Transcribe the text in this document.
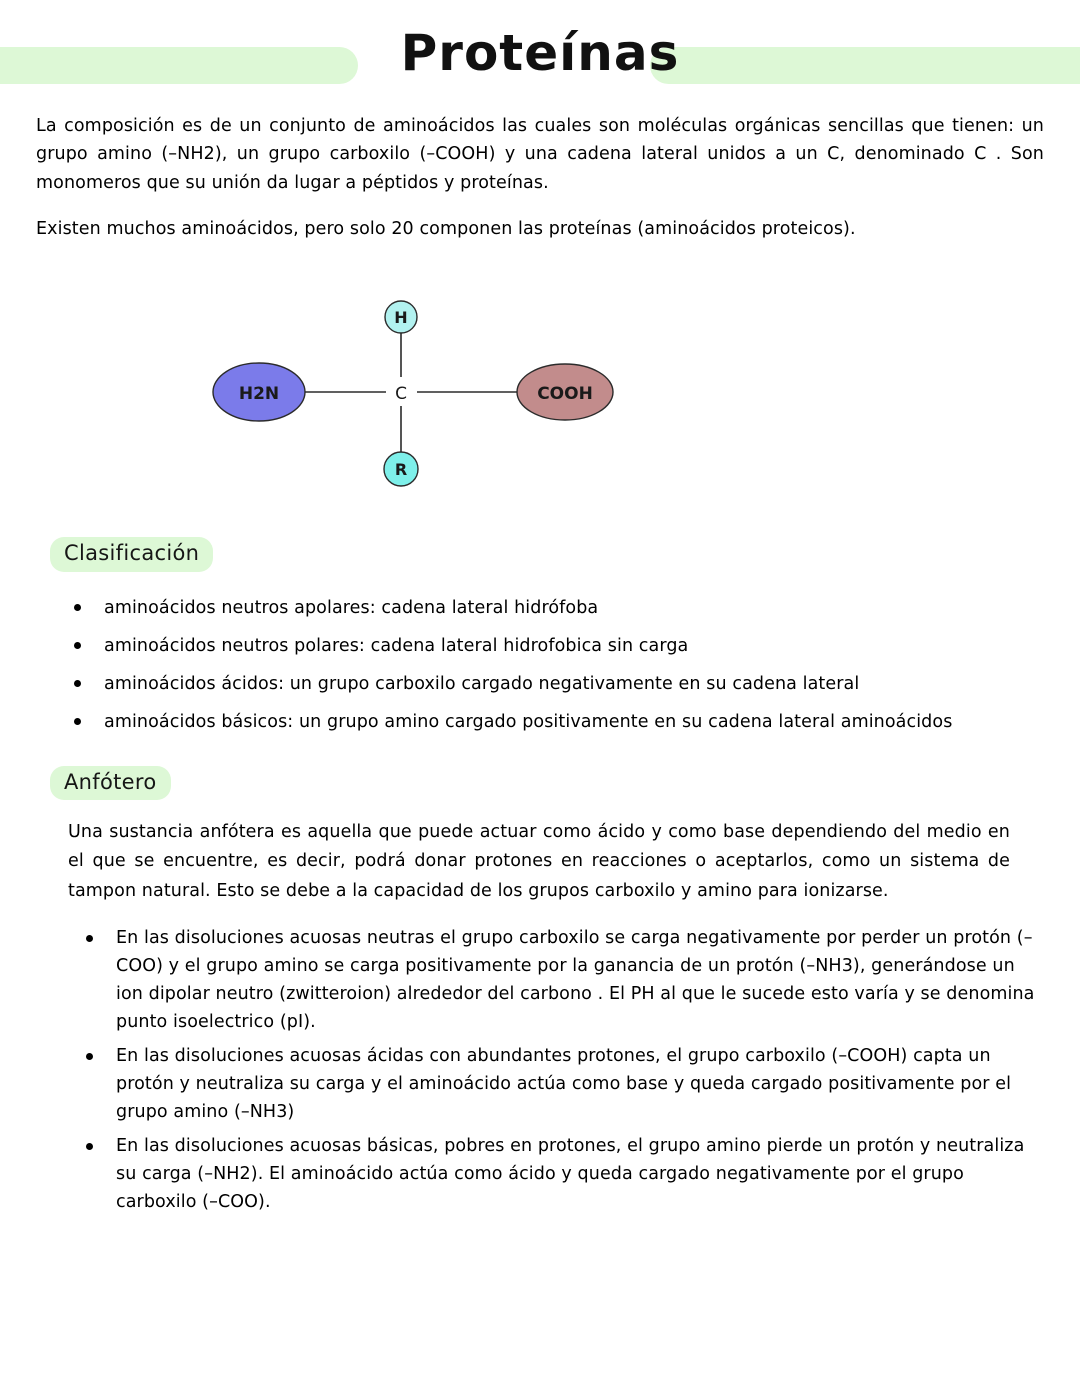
Proteínas

La composición es de un conjunto de aminoácidos las cuales son moléculas orgánicas sencillas que tienen: un grupo amino (–NH2), un grupo carboxilo (–COOH) y una cadena lateral unidos a un C, denominado C . Son monomeros que su unión da lugar a péptidos y proteínas.

Existen muchos aminoácidos, pero solo 20 componen las proteínas (aminoácidos proteicos).

H
H2N	C	COOH
R
Clasificación
aminoácidos neutros apolares: cadena lateral hidrófoba
aminoácidos neutros polares: cadena lateral hidrofobica sin carga
aminoácidos ácidos: un grupo carboxilo cargado negativamente en su cadena lateral
aminoácidos básicos: un grupo amino cargado positivamente en su cadena lateral aminoácidos
Anfótero

Una sustancia anfótera es aquella que puede actuar como ácido y como base dependiendo del medio en el que se encuentre, es decir, podrá donar protones en reacciones o aceptarlos, como un sistema de tampon natural. Esto se debe a la capacidad de los grupos carboxilo y amino para ionizarse.

En las disoluciones acuosas neutras el grupo carboxilo se carga negativamente por perder un protón (–COO) y el grupo amino se carga positivamente por la ganancia de un protón (–NH3), generándose un ion dipolar neutro (zwitteroion) alrededor del carbono . El PH al que le sucede esto varía y se denomina punto isoelectrico (pI).
En las disoluciones acuosas ácidas con abundantes protones, el grupo carboxilo (–COOH) capta un protón y neutraliza su carga y el aminoácido actúa como base y queda cargado positivamente por el grupo amino (–NH3)
En las disoluciones acuosas básicas, pobres en protones, el grupo amino pierde un protón y neutraliza su carga (–NH2). El aminoácido actúa como ácido y queda cargado negativamente por el grupo carboxilo (–COO).
